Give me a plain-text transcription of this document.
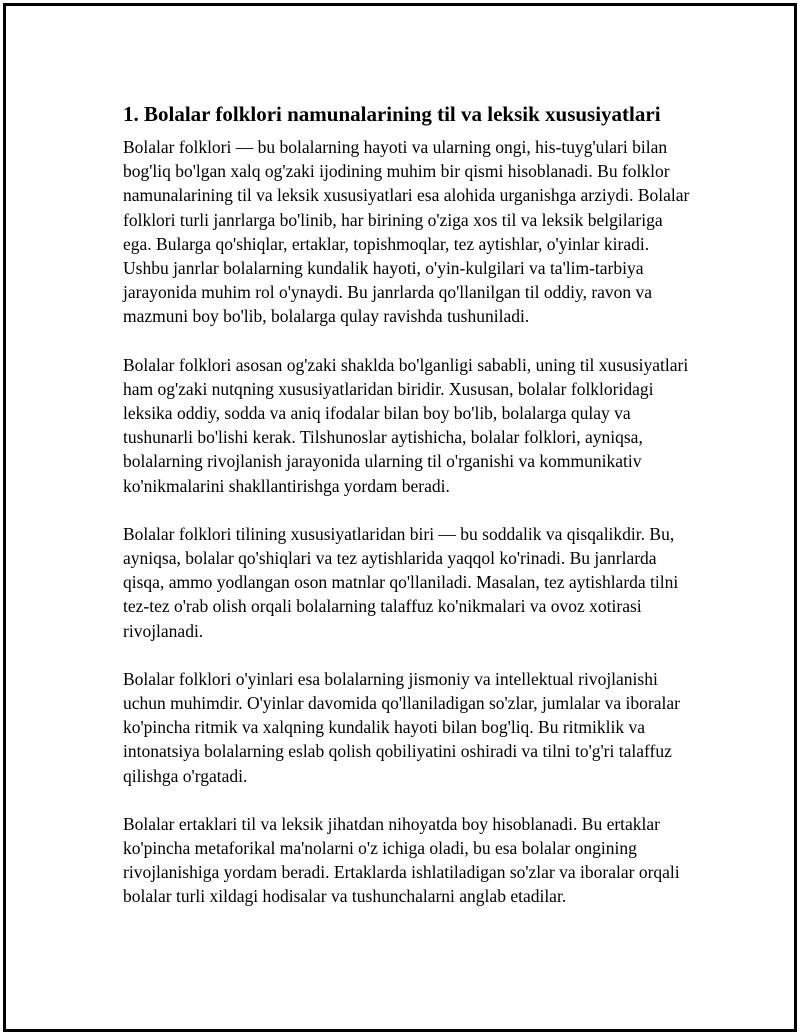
1. Bolalar folklori namunalarining til va leksik xususiyatlari

Bolalar folklori — bu bolalarning hayoti va ularning ongi, his-tuyg'ulari bilan bog'liq bo'lgan xalq og'zaki ijodining muhim bir qismi hisoblanadi. Bu folklor namunalarining til va leksik xususiyatlari esa alohida urganishga arziydi. Bolalar folklori turli janrlarga bo'linib, har birining o'ziga xos til va leksik belgilariga ega. Bularga qo'shiqlar, ertaklar, topishmoqlar, tez aytishlar, o'yinlar kiradi. Ushbu janrlar bolalarning kundalik hayoti, o'yin-kulgilari va ta'lim-tarbiya jarayonida muhim rol o'ynaydi. Bu janrlarda qo'llanilgan til oddiy, ravon va mazmuni boy bo'lib, bolalarga qulay ravishda tushuniladi.

Bolalar folklori asosan og'zaki shaklda bo'lganligi sababli, uning til xususiyatlari ham og'zaki nutqning xususiyatlaridan biridir. Xususan, bolalar folkloridagi leksika oddiy, sodda va aniq ifodalar bilan boy bo'lib, bolalarga qulay va tushunarli bo'lishi kerak. Tilshunoslar aytishicha, bolalar folklori, ayniqsa, bolalarning rivojlanish jarayonida ularning til o'rganishi va kommunikativ ko'nikmalarini shakllantirishga yordam beradi.

Bolalar folklori tilining xususiyatlaridan biri — bu soddalik va qisqalikdir. Bu, ayniqsa, bolalar qo'shiqlari va tez aytishlarida yaqqol ko'rinadi. Bu janrlarda qisqa, ammo yodlangan oson matnlar qo'llaniladi. Masalan, tez aytishlarda tilni tez-tez o'rab olish orqali bolalarning talaffuz ko'nikmalari va ovoz xotirasi rivojlanadi.

Bolalar folklori o'yinlari esa bolalarning jismoniy va intellektual rivojlanishi uchun muhimdir. O'yinlar davomida qo'llaniladigan so'zlar, jumlalar va iboralar ko'pincha ritmik va xalqning kundalik hayoti bilan bog'liq. Bu ritmiklik va intonatsiya bolalarning eslab qolish qobiliyatini oshiradi va tilni to'g'ri talaffuz qilishga o'rgatadi.

Bolalar ertaklari til va leksik jihatdan nihoyatda boy hisoblanadi. Bu ertaklar ko'pincha metaforikal ma'nolarni o'z ichiga oladi, bu esa bolalar ongining rivojlanishiga yordam beradi. Ertaklarda ishlatiladigan so'zlar va iboralar orqali bolalar turli xildagi hodisalar va tushunchalarni anglab etadilar.
